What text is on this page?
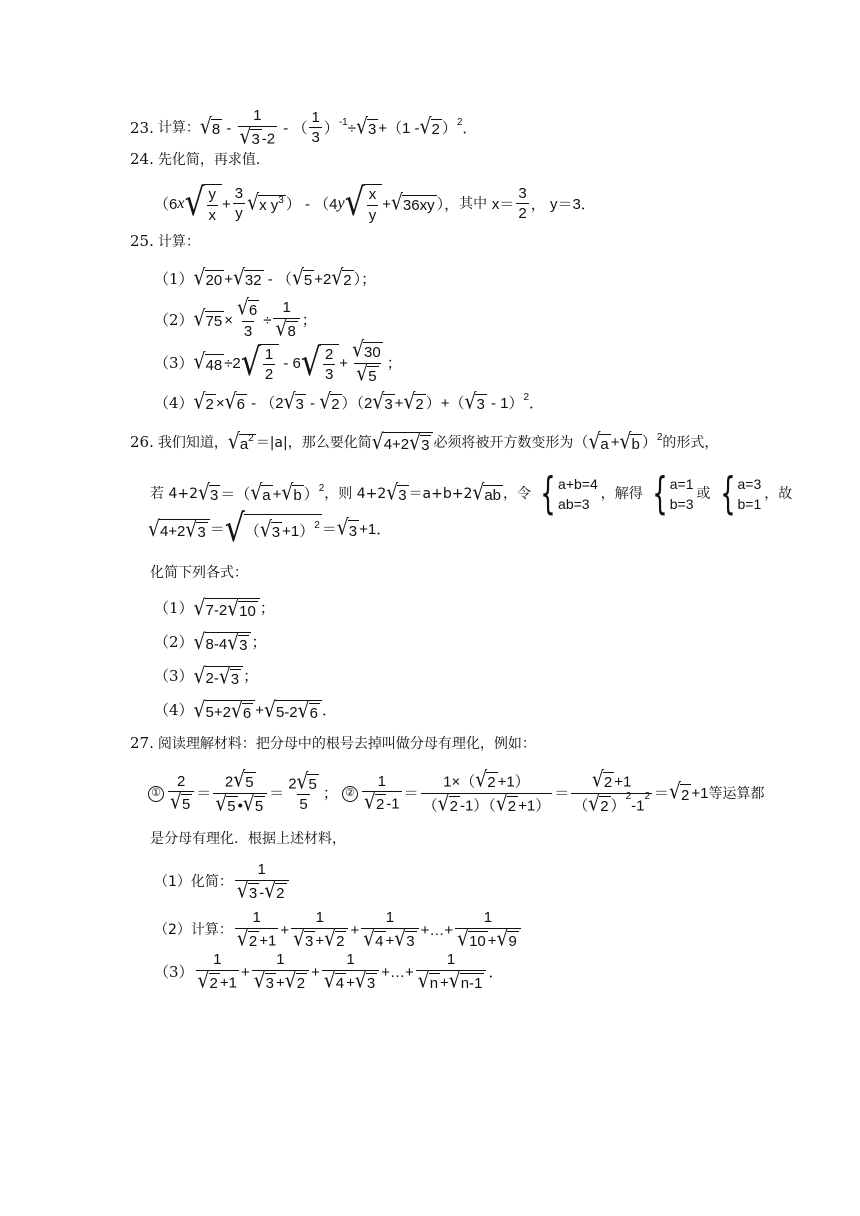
23. 计算： √ $8 - \frac{1}{√ 3 -2}$ - （ $\frac{1}{3} )^{-1}$ ÷ √ 3 +（1 - √ 2 ）$^2$ ．
24. 先化简，再求值．
（6 x √ $\frac{y}{x} + \frac{3}{y}$ √ x $y^3$ ） - （4 y √ $\frac{x}{y}$ + √ 36xy ）， 其中
$x= \frac{3}{2}$ ， y＝3．
25. 计算：
（1） √ 20 + √ 32 - （ √ 5 +2 √ 2 ）；
（2） √ $75 \times \frac{√ 6}{3} \div \frac{1}{√ 8}$ ；
（3） √ 48 ÷2 √ $\frac{1}{2} - 6$ √ $\frac{2}{3} + \frac{√ 30}{√ 5}$ ；
（4） √ 2 × √ 6 - （2 √ 3 - √ 2 ）（2 √ 3 + √ 2 ）+（ √ 3 - 1）$^2$ ．
26. 我们知道， √ $a^2 =|a|$，那么要化简 √ 4+2 √ 3 必须将被开方数变形为 （ √ a + √ b ）$^2$ 的形式，
若 4+2 √ 3 ＝（ √ a + √ b ）$^2$ ，则 4+2 √ 3 ＝a+b+2 √ ab ，令 { a+b=4
ab=3
，解得 { a=1
b=3
或 { a=3
b=1
，故
√ 4+2 √ 3 ＝ √ （ √ 3 +1）$^2$ ＝ √ 3 +1．
化简下列各式：
（1） √ 7-2 √ 10 ；
（2） √ 8-4 √ 3 ；
（3） √ 2- √ 3 ；
（4） √ 5+2 √ 6 + √ 5-2 √ 6 ．
27. 阅读理解材料：把分母中的根号去掉叫做分母有理化，例如：
① $\frac{2}{√ 5} = \frac{2 √ 5}{√ 5 • √ 5} = \frac{2 √ 5}{5}$ ； ② $\frac{1}{√ 2 -1} = \frac{1\times( √ 2 +1)}{( √ 2 -1)( √ 2 +1)} = \frac{√ 2 +1}{( √ 2 )^2-1^2}$ ＝ √ 2 +1 等运算都
是分母有理化．根据上述材料，
（1）化简： $\frac{1}{√ 3 - √ 2}$
（2）计算： $\frac{1}{√ 2 +1} + \frac{1}{√ 3 + √ 2} + \frac{1}{√ 4 + √ 3}$ +…+ $\frac{1}{√ 10 + √ 9}$
$(3) \frac{1}{√ 2 +1} + \frac{1}{√ 3 + √ 2} + \frac{1}{√ 4 + √ 3}$ +…+ $\frac{1}{√ n + √ n-1}$ ．
